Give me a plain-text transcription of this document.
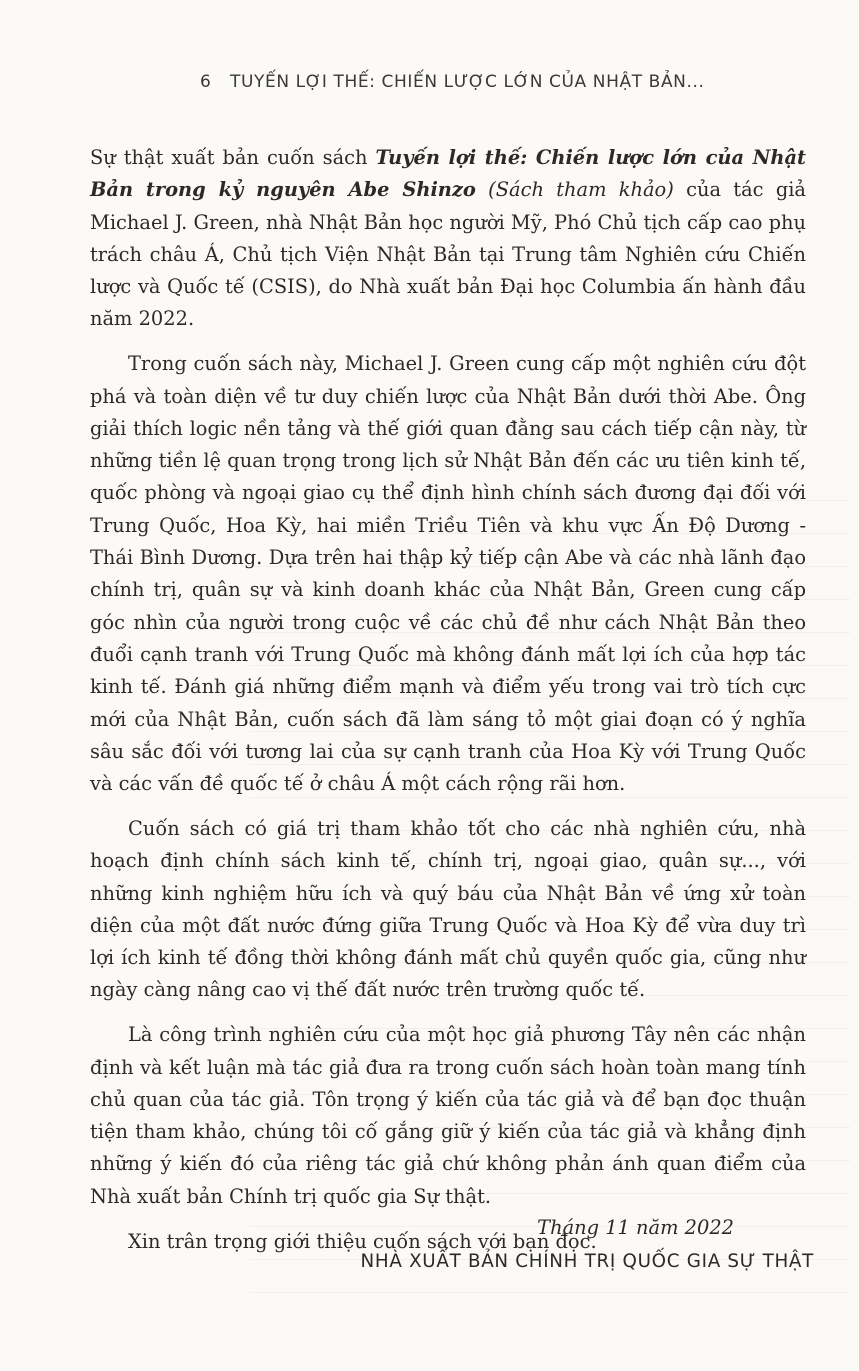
6 TUYẾN LỢI THẾ: CHIẾN LƯỢC LỚN CỦA NHẬT BẢN...

Sự thật xuất bản cuốn sách Tuyến lợi thế: Chiến lược lớn của Nhật Bản trong kỷ nguyên Abe Shinzo (Sách tham khảo) của tác giả Michael J. Green, nhà Nhật Bản học người Mỹ, Phó Chủ tịch cấp cao phụ trách châu Á, Chủ tịch Viện Nhật Bản tại Trung tâm Nghiên cứu Chiến lược và Quốc tế (CSIS), do Nhà xuất bản Đại học Columbia ấn hành đầu năm 2022.

Trong cuốn sách này, Michael J. Green cung cấp một nghiên cứu đột phá và toàn diện về tư duy chiến lược của Nhật Bản dưới thời Abe. Ông giải thích logic nền tảng và thế giới quan đằng sau cách tiếp cận này, từ những tiền lệ quan trọng trong lịch sử Nhật Bản đến các ưu tiên kinh tế, quốc phòng và ngoại giao cụ thể định hình chính sách đương đại đối với Trung Quốc, Hoa Kỳ, hai miền Triều Tiên và khu vực Ấn Độ Dương - Thái Bình Dương. Dựa trên hai thập kỷ tiếp cận Abe và các nhà lãnh đạo chính trị, quân sự và kinh doanh khác của Nhật Bản, Green cung cấp góc nhìn của người trong cuộc về các chủ đề như cách Nhật Bản theo đuổi cạnh tranh với Trung Quốc mà không đánh mất lợi ích của hợp tác kinh tế. Đánh giá những điểm mạnh và điểm yếu trong vai trò tích cực mới của Nhật Bản, cuốn sách đã làm sáng tỏ một giai đoạn có ý nghĩa sâu sắc đối với tương lai của sự cạnh tranh của Hoa Kỳ với Trung Quốc và các vấn đề quốc tế ở châu Á một cách rộng rãi hơn.

Cuốn sách có giá trị tham khảo tốt cho các nhà nghiên cứu, nhà hoạch định chính sách kinh tế, chính trị, ngoại giao, quân sự..., với những kinh nghiệm hữu ích và quý báu của Nhật Bản về ứng xử toàn diện của một đất nước đứng giữa Trung Quốc và Hoa Kỳ để vừa duy trì lợi ích kinh tế đồng thời không đánh mất chủ quyền quốc gia, cũng như ngày càng nâng cao vị thế đất nước trên trường quốc tế.

Là công trình nghiên cứu của một học giả phương Tây nên các nhận định và kết luận mà tác giả đưa ra trong cuốn sách hoàn toàn mang tính chủ quan của tác giả. Tôn trọng ý kiến của tác giả và để bạn đọc thuận tiện tham khảo, chúng tôi cố gắng giữ ý kiến của tác giả và khẳng định những ý kiến đó của riêng tác giả chứ không phản ánh quan điểm của Nhà xuất bản Chính trị quốc gia Sự thật.

Xin trân trọng giới thiệu cuốn sách với bạn đọc.

Tháng 11 năm 2022
NHÀ XUẤT BẢN CHÍNH TRỊ QUỐC GIA SỰ THẬT
